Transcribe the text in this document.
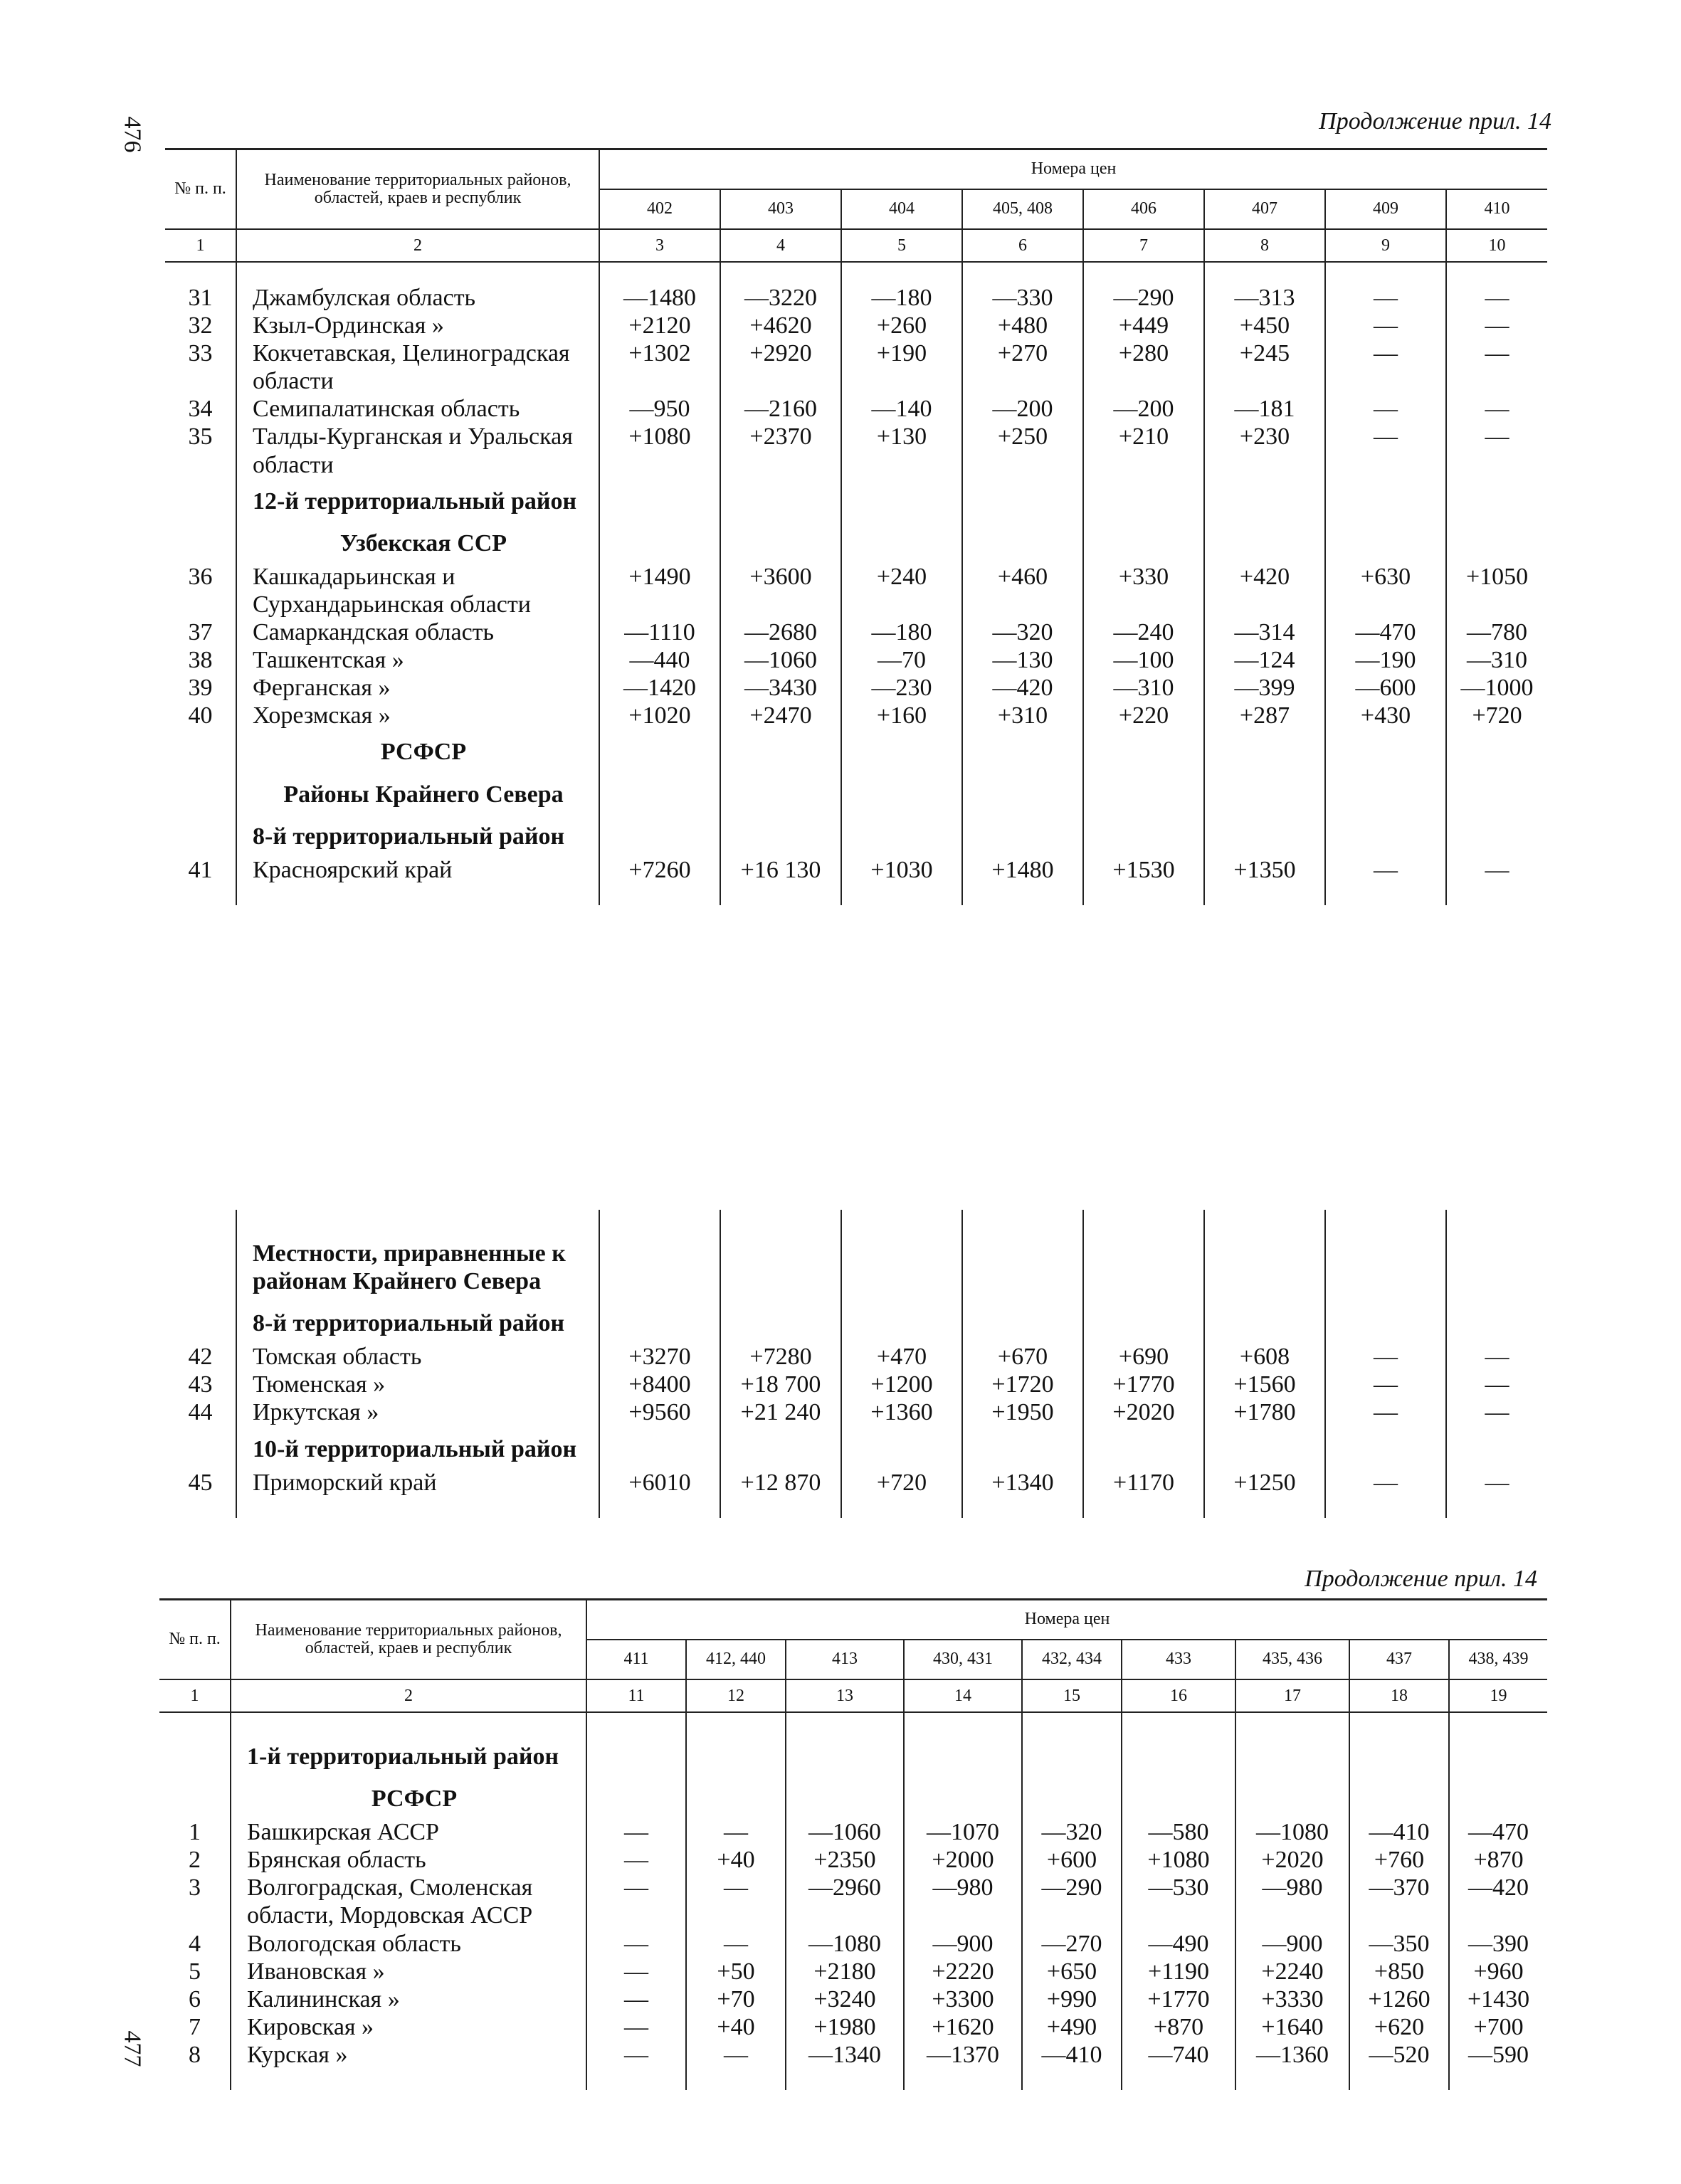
476
477
Продолжение прил. 14
№ п. п.	Наименование территориальных районов, областей, краев и республик	Номера цен							
		402	403	404	405, 408	406	407	409	410
1	2	3	4	5	6	7	8	9	10

31	Джамбулская область	—1480	—3220	—180	—330	—290	—313	—	—
32	Кзыл-Ординская »	+2120	+4620	+260	+480	+449	+450	—	—
33	Кокчетавская, Целиноградская области	+1302	+2920	+190	+270	+280	+245	—	—
34	Семипалатинская область	—950	—2160	—140	—200	—200	—181	—	—
35	Талды-Курганская и Уральская области	+1080	+2370	+130	+250	+210	+230	—	—
	12-й территориальный район								
	Узбекская ССР								
36	Кашкадарьинская и Сурхандарьинская области	+1490	+3600	+240	+460	+330	+420	+630	+1050
37	Самаркандская область	—1110	—2680	—180	—320	—240	—314	—470	—780
38	Ташкентская »	—440	—1060	—70	—130	—100	—124	—190	—310
39	Ферганская »	—1420	—3430	—230	—420	—310	—399	—600	—1000
40	Хорезмская »	+1020	+2470	+160	+310	+220	+287	+430	+720
	РСФСР								
	Районы Крайнего Севера								
	8-й территориальный район								
41	Красноярский край	+7260	+16 130	+1030	+1480	+1530	+1350	—	—

	Местности, приравненные к районам Крайнего Севера								
	8-й территориальный район								
42	Томская область	+3270	+7280	+470	+670	+690	+608	—	—
43	Тюменская »	+8400	+18 700	+1200	+1720	+1770	+1560	—	—
44	Иркутская »	+9560	+21 240	+1360	+1950	+2020	+1780	—	—
	10-й территориальный район								
45	Приморский край	+6010	+12 870	+720	+1340	+1170	+1250	—	—

Продолжение прил. 14
№ п. п.	Наименование территориальных районов, областей, краев и республик	Номера цен								
		411	412, 440	413	430, 431	432, 434	433	435, 436	437	438, 439
1	2	11	12	13	14	15	16	17	18	19

	1-й территориальный район									
	РСФСР									
1	Башкирская АССР	—	—	—1060	—1070	—320	—580	—1080	—410	—470
2	Брянская область	—	+40	+2350	+2000	+600	+1080	+2020	+760	+870
3	Волгоградская, Смоленская области, Мордовская АССР	—	—	—2960	—980	—290	—530	—980	—370	—420
4	Вологодская область	—	—	—1080	—900	—270	—490	—900	—350	—390
5	Ивановская »	—	+50	+2180	+2220	+650	+1190	+2240	+850	+960
6	Калининская »	—	+70	+3240	+3300	+990	+1770	+3330	+1260	+1430
7	Кировская »	—	+40	+1980	+1620	+490	+870	+1640	+620	+700
8	Курская »	—	—	—1340	—1370	—410	—740	—1360	—520	—590
